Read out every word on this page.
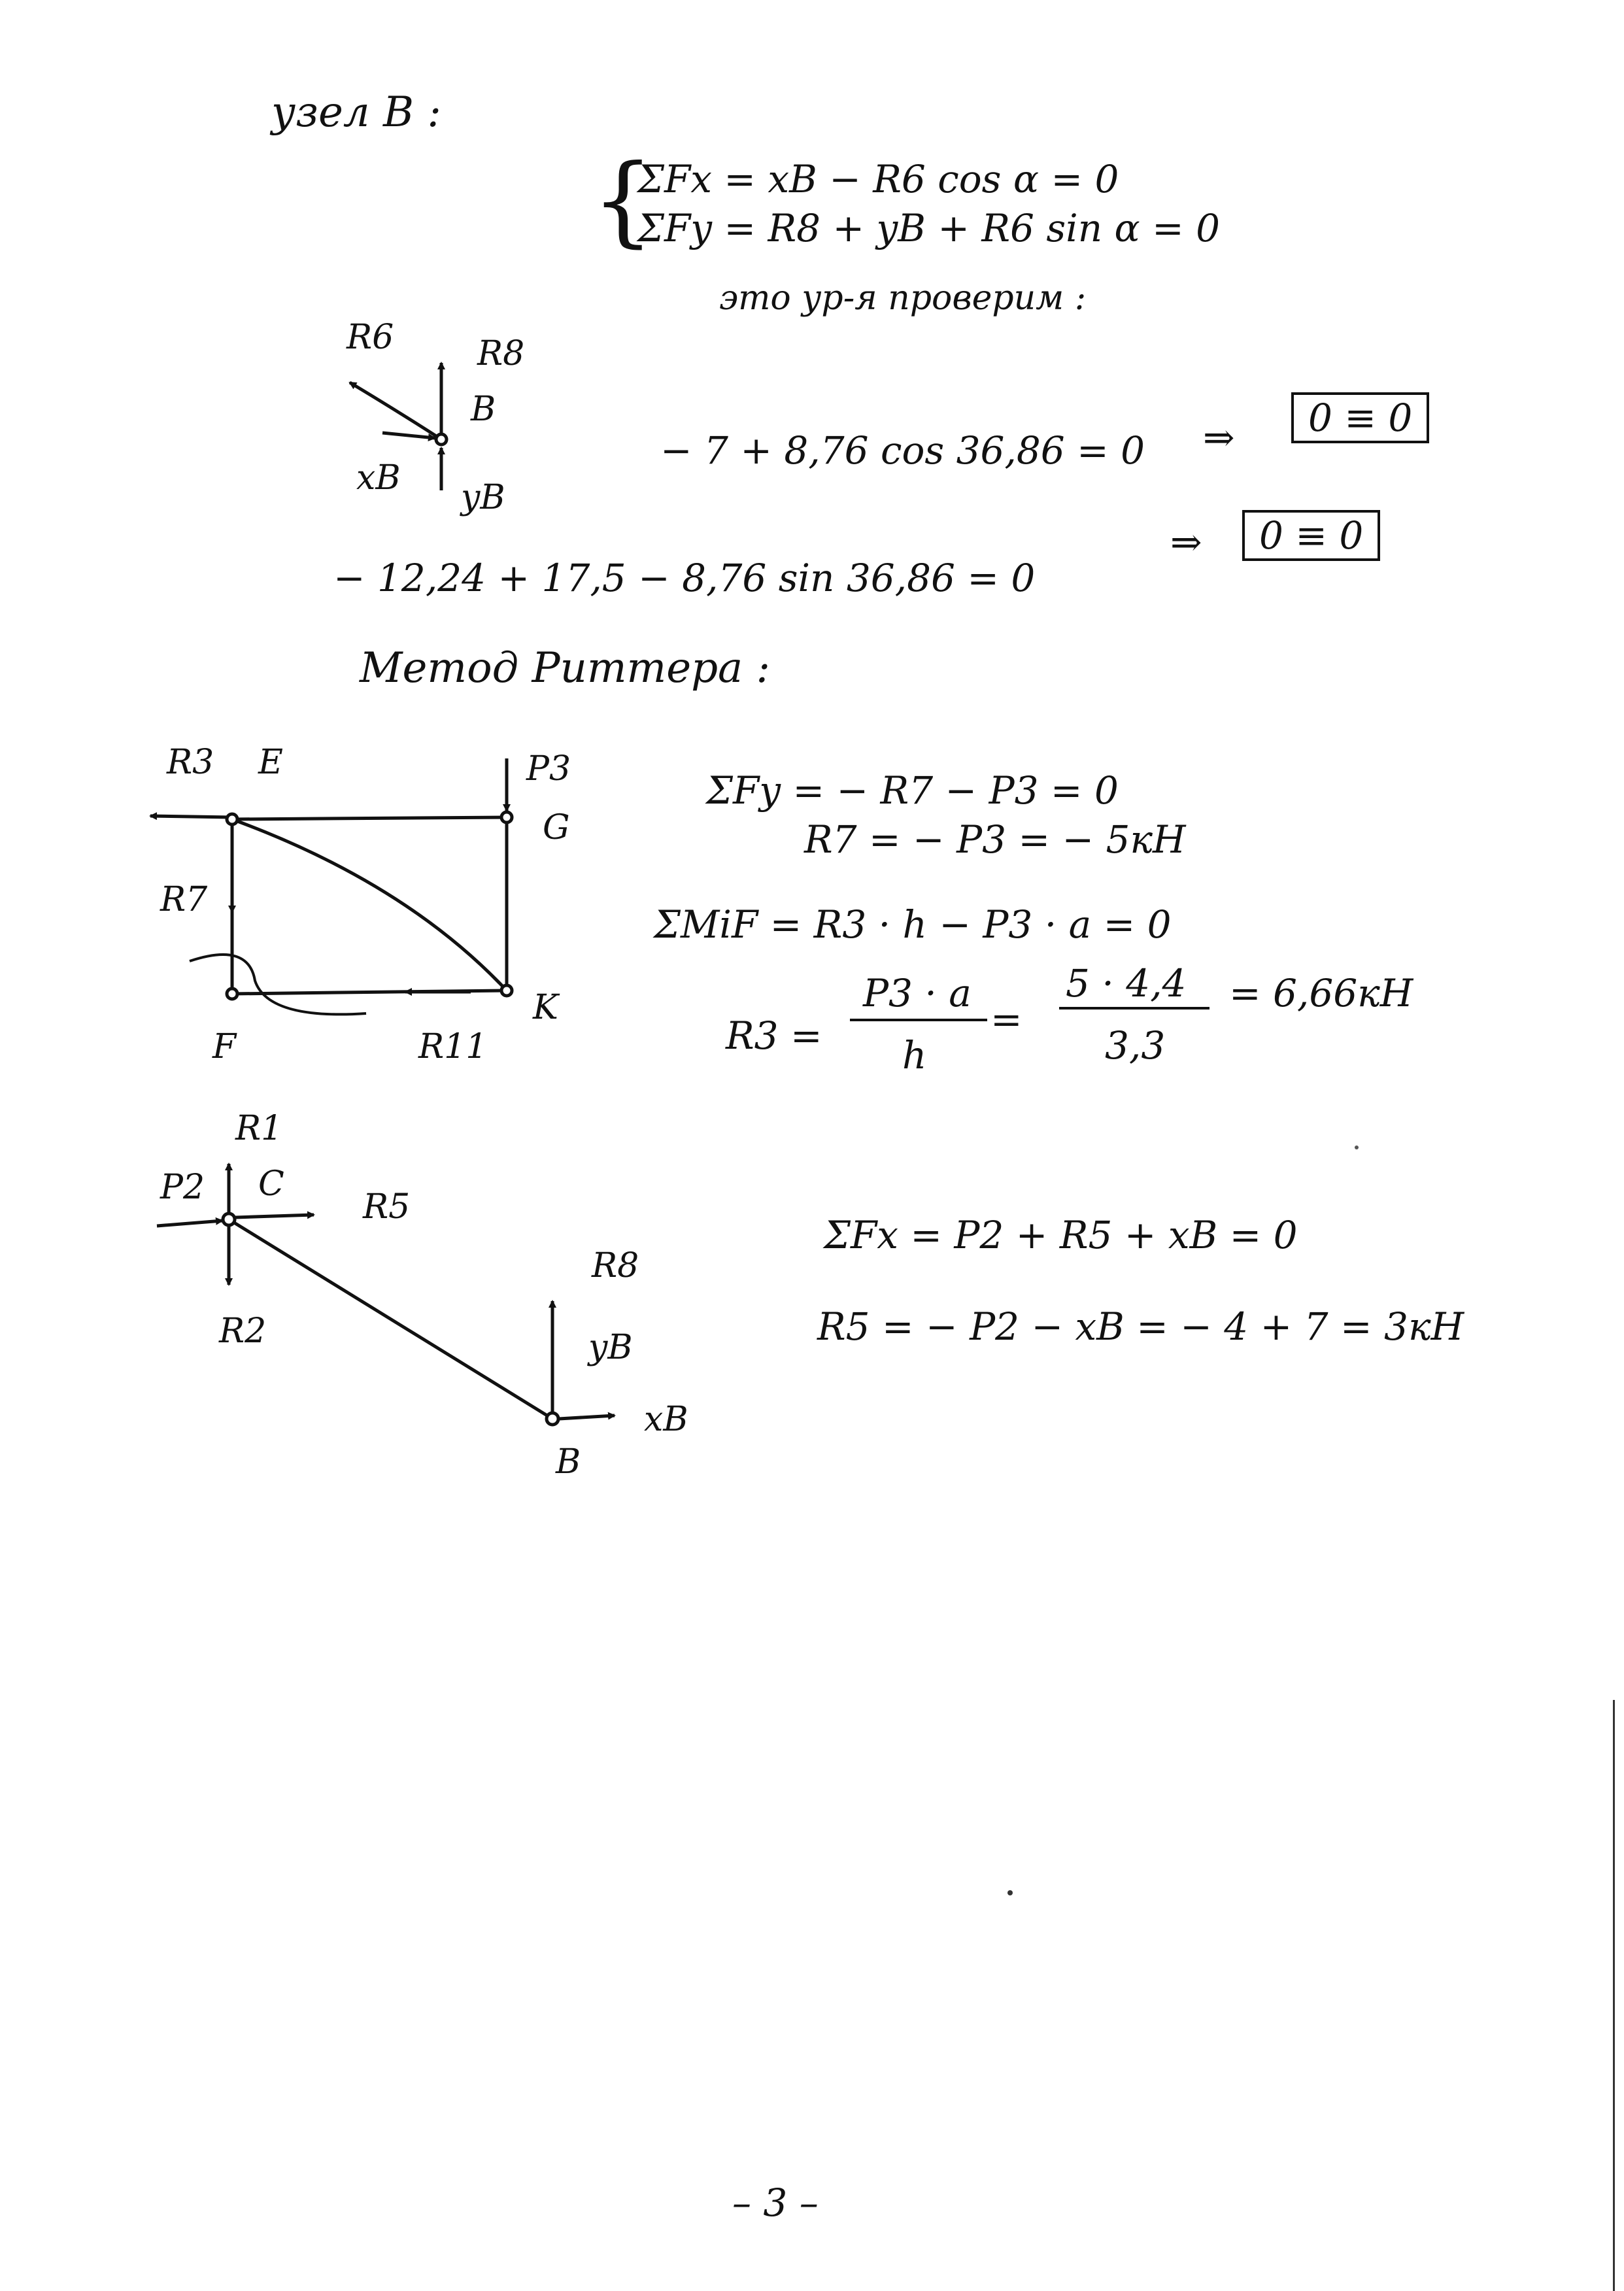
узел B :
{
ΣFx = xB − R6 cos α = 0
ΣFy = R8 + yB + R6 sin α = 0
это ур-я проверим :
− 7 + 8,76 cos 36,86 = 0 ⇒	0 ≡ 0
− 12,24 + 17,5 − 8,76 sin 36,86 = 0
⇒	0 ≡ 0
Метод Риттера :
ΣFy = − R7 − P3 = 0
R7 = − P3 = − 5кН
ΣMiF = R3 · h − P3 · a = 0
R3 =
P3 · a
h
=
5 · 4,4
3,3
= 6,66кН
ΣFx = P2 + R5 + xB = 0
R5 = − P2 − xB = − 4 + 7 = 3кН
R6 R8
B
xB yB
R3 E	P3
G
R7
F	R11
K
R1
P2 C
R5
R2
R8
yB
xB
B
– 3 –
